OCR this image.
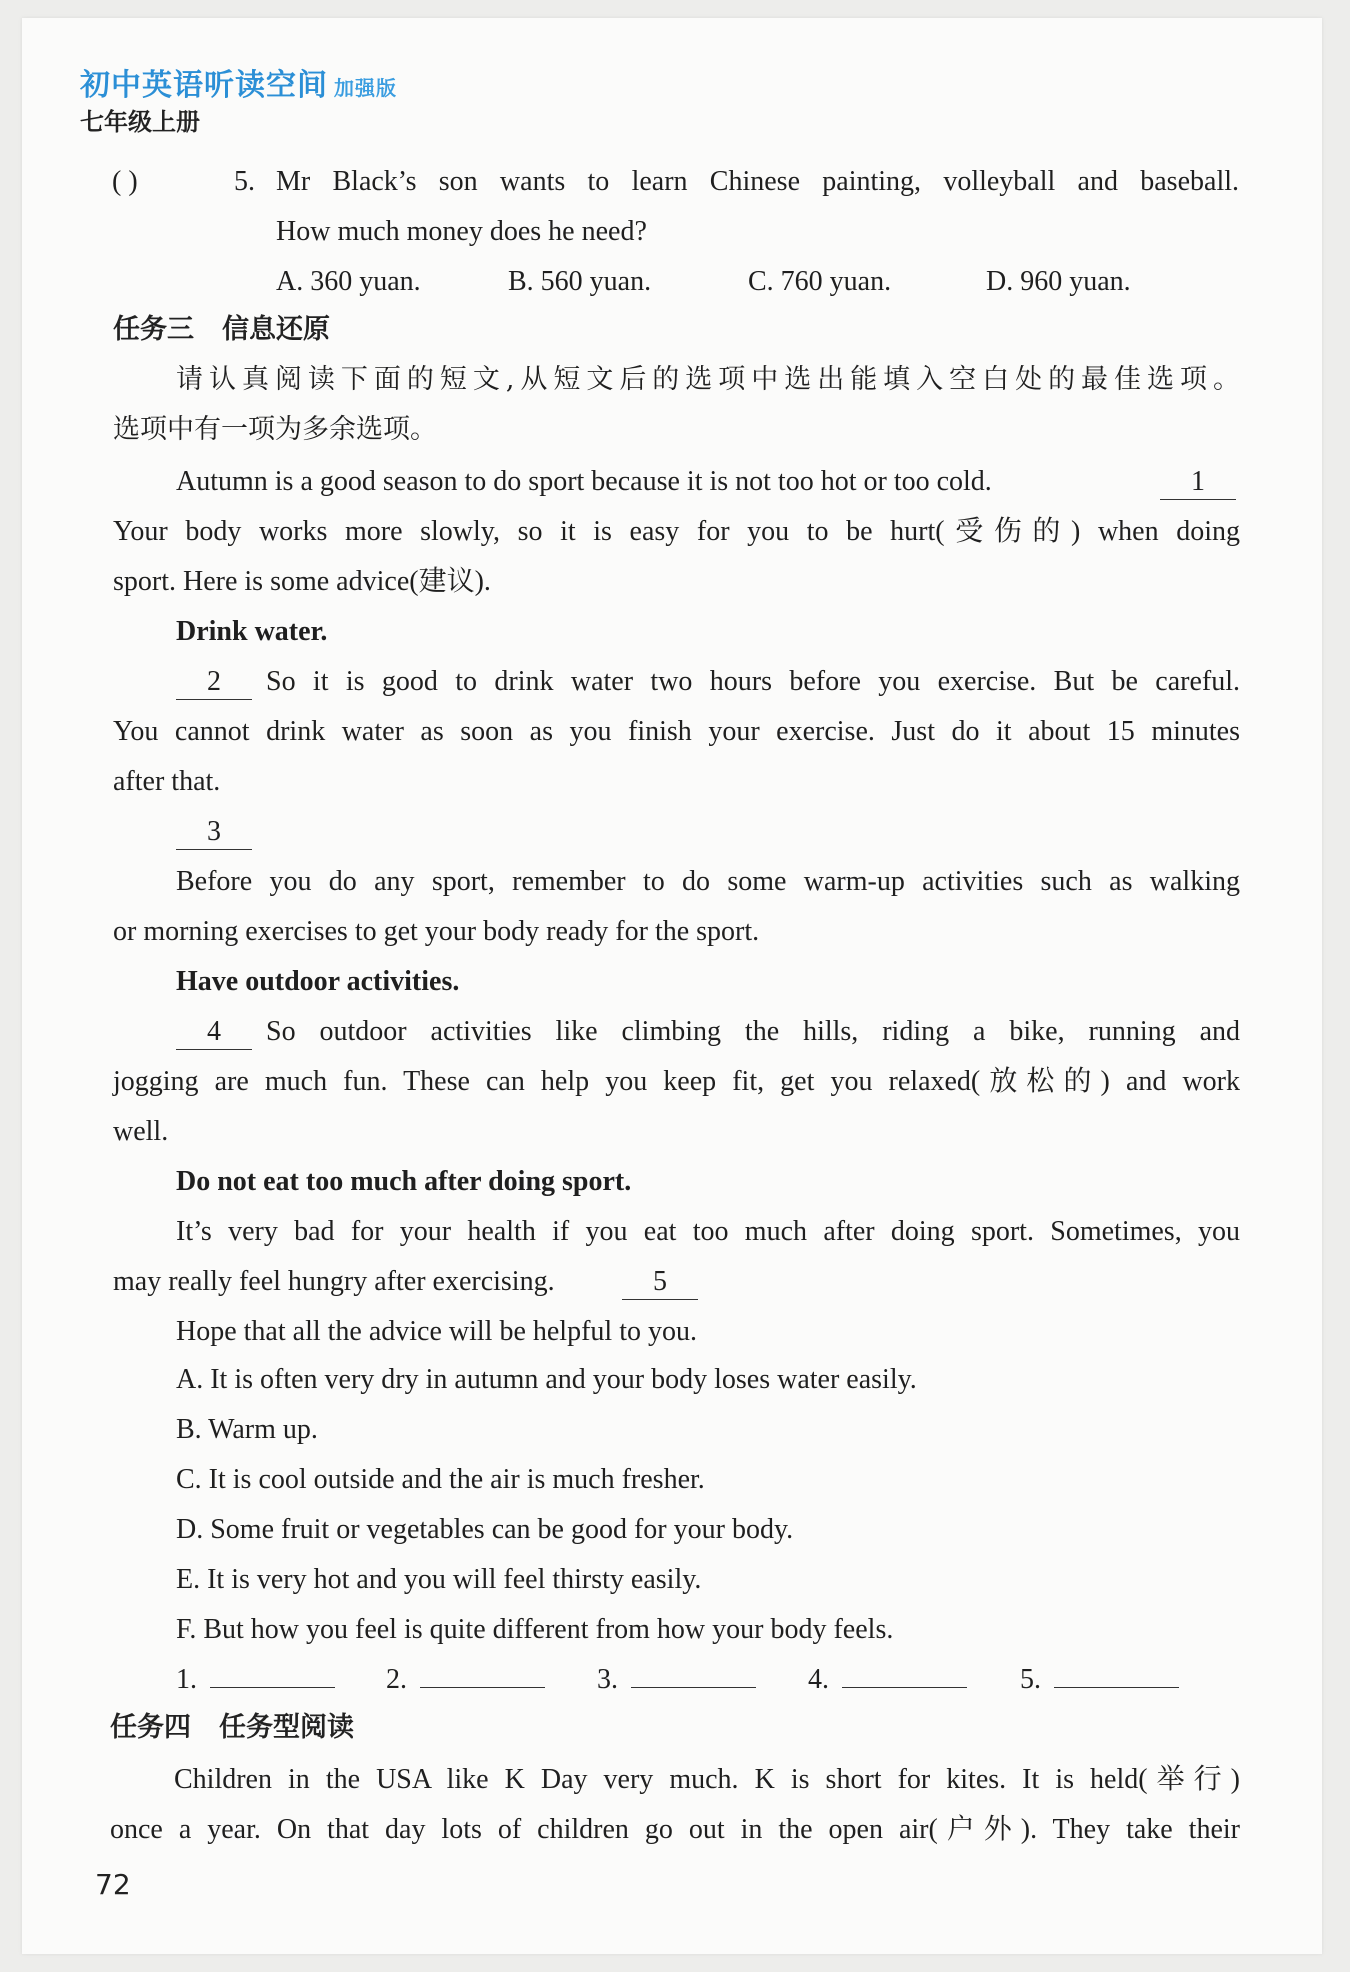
初中英语听读空间 加强版
七年级上册
( )	5. Mr Black’s son wants to learn Chinese painting, volleyball and baseball.
How much money does he need?
A. 360 yuan.	B. 560 yuan.	C. 760 yuan.	D. 960 yuan.
任务三 信息还原
请认真阅读下面的短文,从短文后的选项中选出能填入空白处的最佳选项。
选项中有一项为多余选项。
Autumn is a good season to do sport because it is not too hot or too cold.	1
Your body works more slowly, so it is easy for you to be hurt(受伤的) when doing
sport. Here is some advice(建议).
Drink water.
2	So it is good to drink water two hours before you exercise. But be careful.
You cannot drink water as soon as you finish your exercise. Just do it about 15 minutes
after that.
3
Before you do any sport, remember to do some warm-up activities such as walking
or morning exercises to get your body ready for the sport.
Have outdoor activities.
4	So outdoor activities like climbing the hills, riding a bike, running and
jogging are much fun. These can help you keep fit, get you relaxed(放松的) and work
well.
Do not eat too much after doing sport.
It’s very bad for your health if you eat too much after doing sport. Sometimes, you
may really feel hungry after exercising.	5
Hope that all the advice will be helpful to you.
A. It is often very dry in autumn and your body loses water easily.
B. Warm up.
C. It is cool outside and the air is much fresher.
D. Some fruit or vegetables can be good for your body.
E. It is very hot and you will feel thirsty easily.
F. But how you feel is quite different from how your body feels.
1.	2.	3.	4.	5.
任务四 任务型阅读
Children in the USA like K Day very much. K is short for kites. It is held(举行)
once a year. On that day lots of children go out in the open air(户外). They take their
72
